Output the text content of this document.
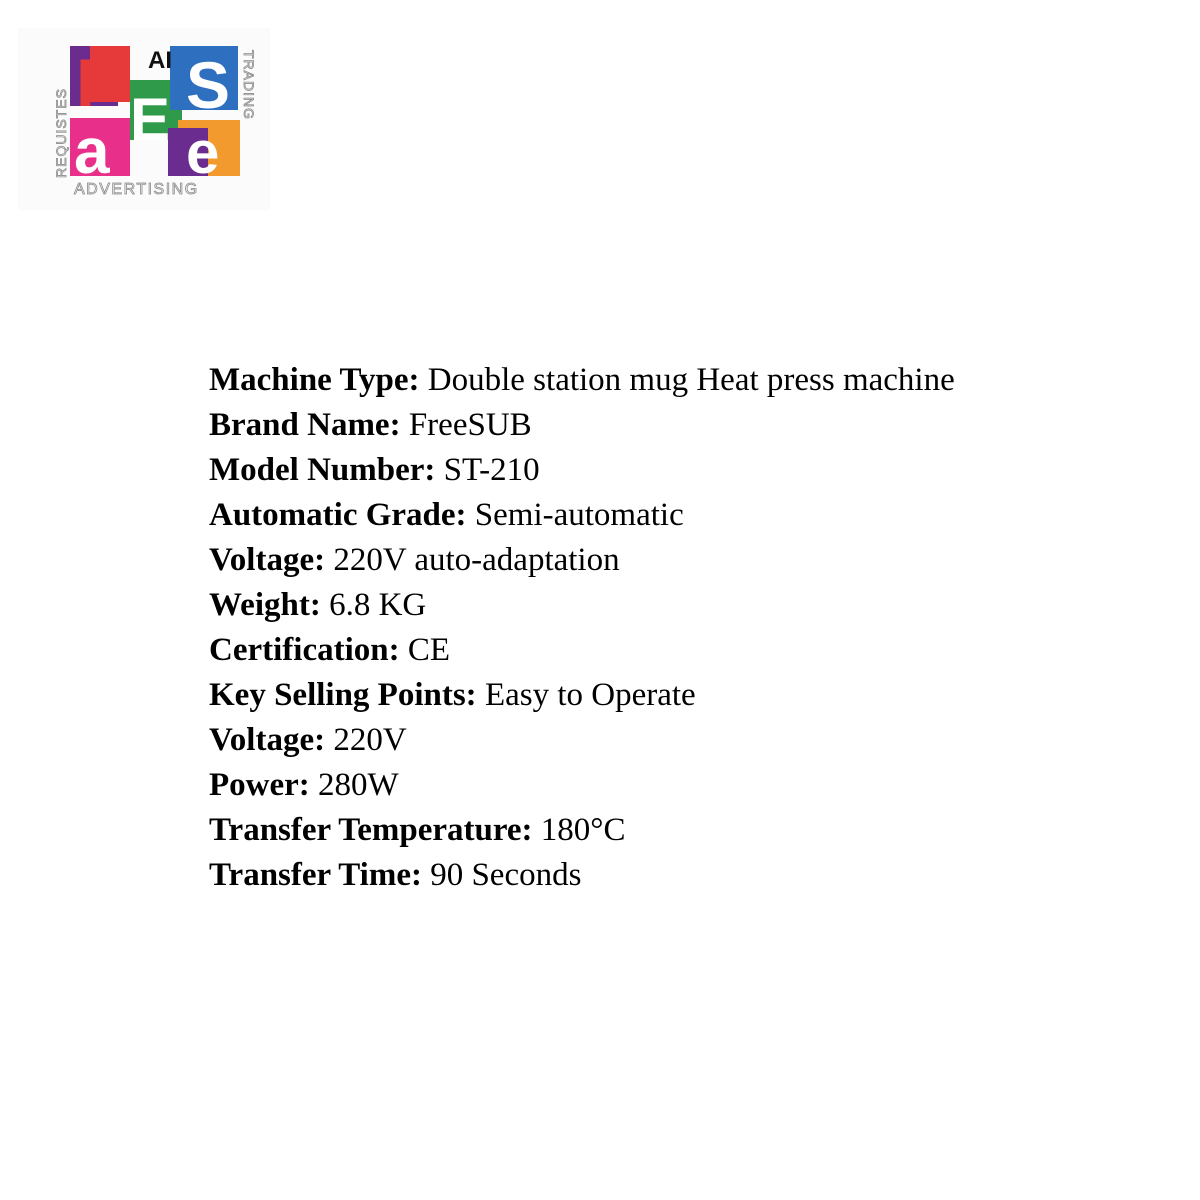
F E S
a e
AI
REQUISTES
TRADING
ADVERTISING
Machine Type: Double station mug Heat press machine
Brand Name: FreeSUB
Model Number: ST-210
Automatic Grade: Semi-automatic
Voltage: 220V auto-adaptation
Weight: 6.8 KG
Certification: CE
Key Selling Points: Easy to Operate
Voltage: 220V
Power: 280W
Transfer Temperature: 180°C
Transfer Time: 90 Seconds
